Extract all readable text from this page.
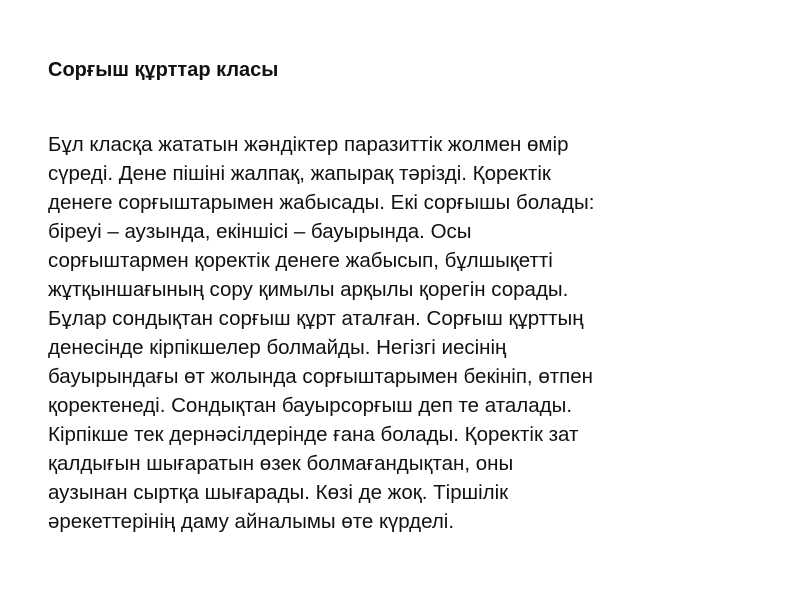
Сорғыш құрттар класы
Бұл класқа жататын жәндіктер паразиттік жолмен өмір
сүреді. Дене пішіні жалпақ, жапырақ тәрізді. Қоректік
денеге сорғыштарымен жабысады. Екі сорғышы болады:
біреуі – аузында, екіншісі – бауырында. Осы
сорғыштармен қоректік денеге жабысып, бұлшықетті
жұтқыншағының сору қимылы арқылы қорегін сорады.
Бұлар сондықтан сорғыш құрт аталған. Сорғыш құрттың
денесінде кірпікшелер болмайды. Негізгі иесінің
бауырындағы өт жолында сорғыштарымен бекініп, өтпен
қоректенеді. Сондықтан бауырсорғыш деп те аталады.
Кірпікше тек дернәсілдерінде ғана болады. Қоректік зат
қалдығын шығаратын өзек болмағандықтан, оны
аузынан сыртқа шығарады. Көзі де жоқ. Тіршілік
әрекеттерінің даму айналымы өте күрделі.
